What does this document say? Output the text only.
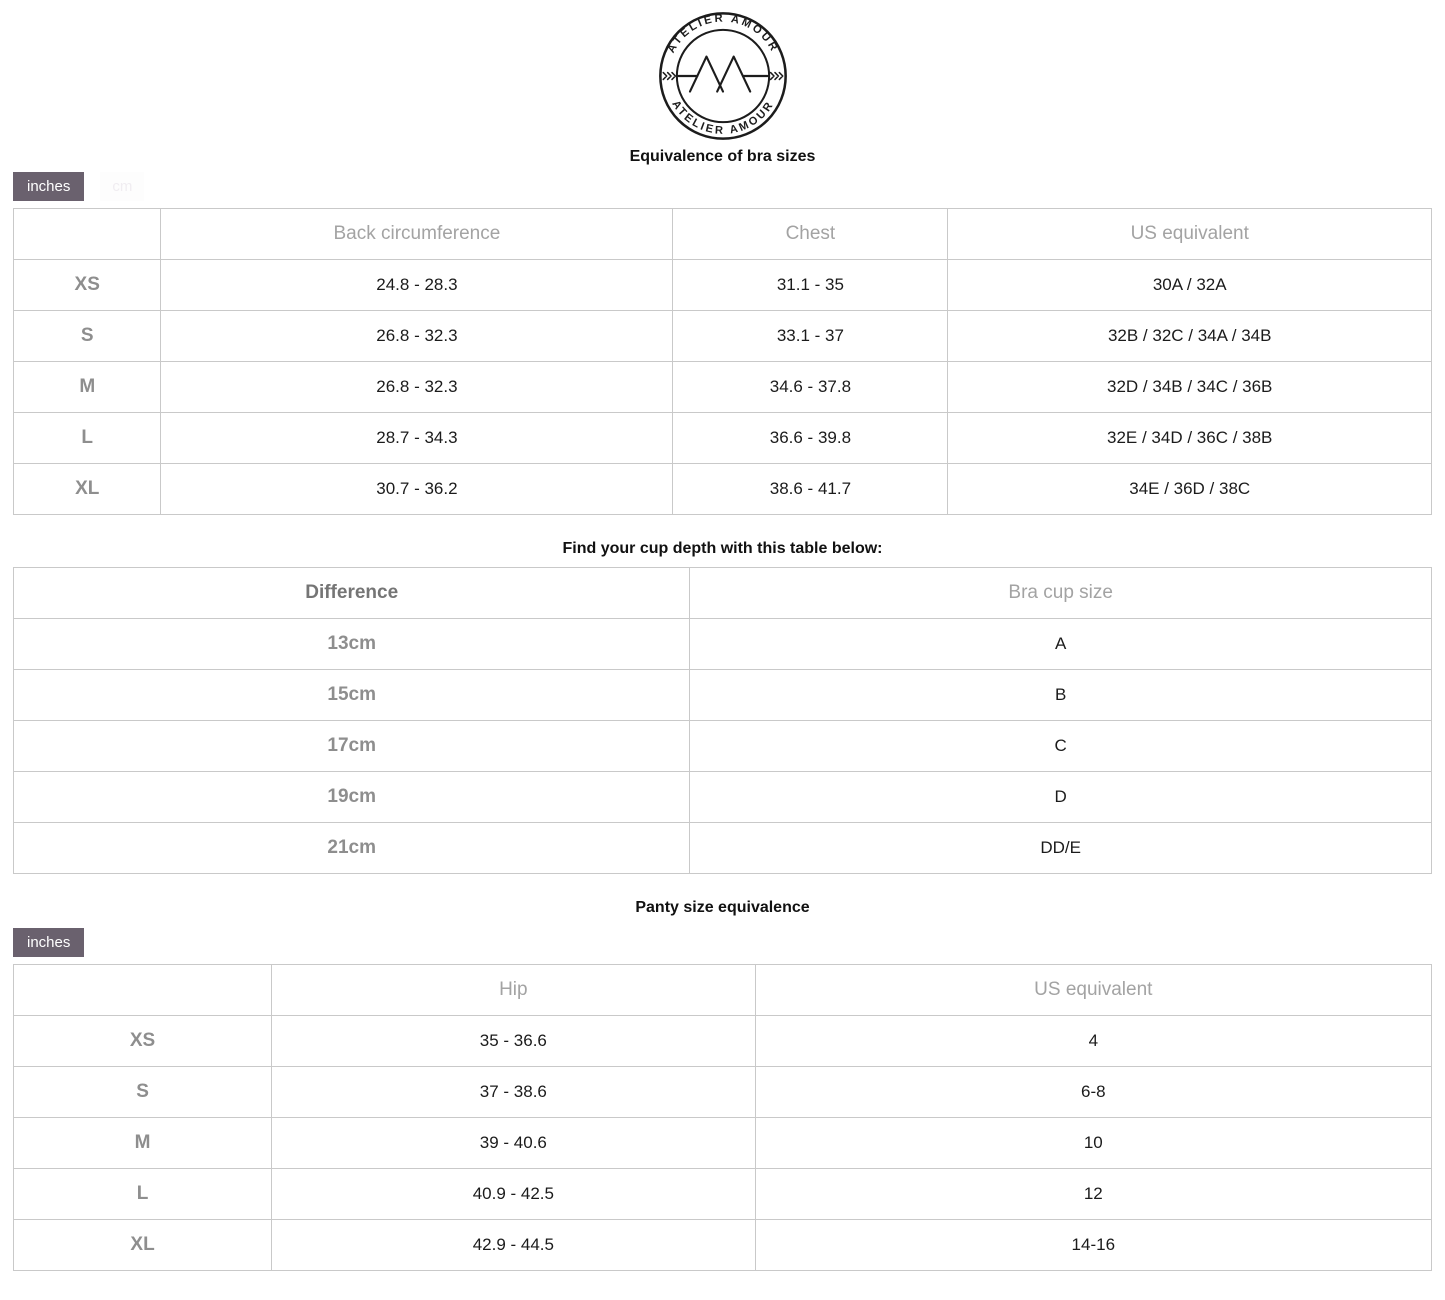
ATELIER AMOUR
ATELIER AMOUR
Equivalence of bra sizes
inches	cm
	Back circumference	Chest	US equivalent
XS	24.8 - 28.3	31.1 - 35	30A / 32A
S	26.8 - 32.3	33.1 - 37	32B / 32C / 34A / 34B
M	26.8 - 32.3	34.6 - 37.8	32D / 34B / 34C / 36B
L	28.7 - 34.3	36.6 - 39.8	32E / 34D / 36C / 38B
XL	30.7 - 36.2	38.6 - 41.7	34E / 36D / 38C
Find your cup depth with this table below:
Difference	Bra cup size
13cm	A
15cm	B
17cm	C
19cm	D
21cm	DD/E
Panty size equivalence
inches
	Hip	US equivalent
XS	35 - 36.6	4
S	37 - 38.6	6-8
M	39 - 40.6	10
L	40.9 - 42.5	12
XL	42.9 - 44.5	14-16
